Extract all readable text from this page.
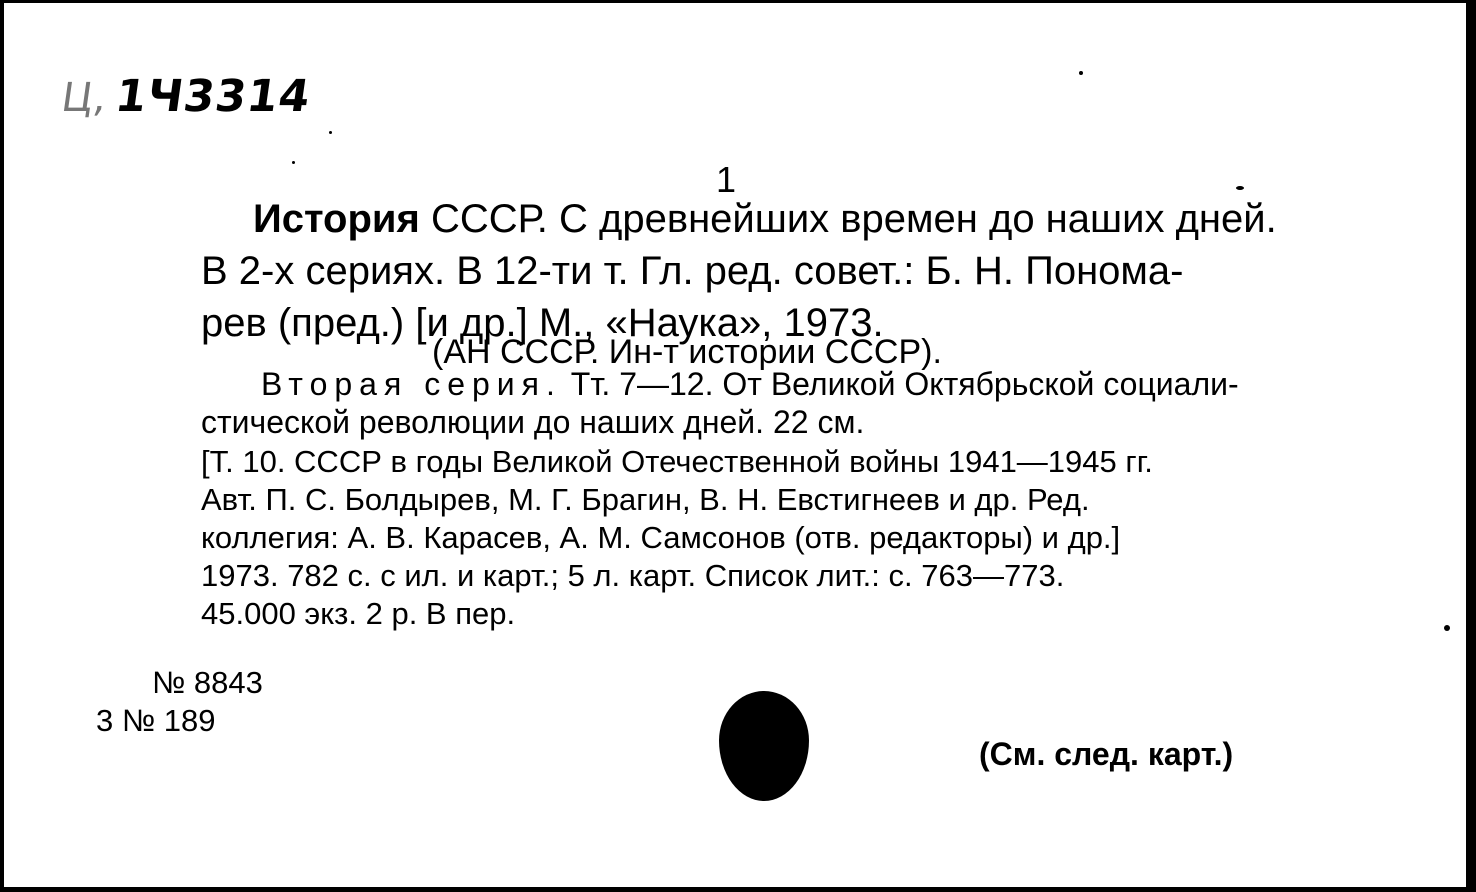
Ц,1Ч3314
1
История СССР. С древнейших времен до наших дней.
В 2-х сериях. В 12-ти т. Гл. ред. совет.: Б. Н. Понома-
рев (пред.) [и др.] М., «Наука», 1973.
(АН СССР. Ин-т истории СССР).
Вторая серия. Тт. 7—12. От Великой Октябрьской социали-
стической революции до наших дней. 22 см.
[Т. 10. СССР в годы Великой Отечественной войны 1941—1945 гг.
Авт. П. С. Болдырев, М. Г. Брагин, В. Н. Евстигнеев и др. Ред.
коллегия: А. В. Карасев, А. М. Самсонов (отв. редакторы) и др.]
1973. 782 с. с ил. и карт.; 5 л. карт. Список лит.: с. 763—773.
45.000 экз. 2 р. В пер.
№ 8843
3 № 189
(См. след. карт.)
